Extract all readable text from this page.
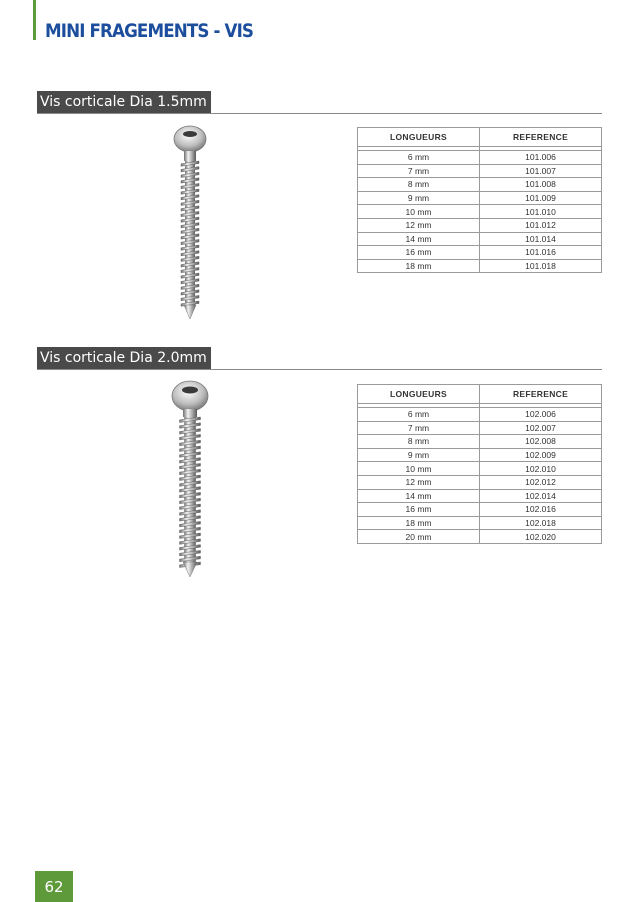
MINI FRAGEMENTS - VIS
Vis corticale Dia 1.5mm
LONGUEURS	REFERENCE

6 mm	101.006
7 mm	101.007
8 mm	101.008
9 mm	101.009
10 mm	101.010
12 mm	101.012
14 mm	101.014
16 mm	101.016
18 mm	101.018
Vis corticale Dia 2.0mm
LONGUEURS	REFERENCE

6 mm	102.006
7 mm	102.007
8 mm	102.008
9 mm	102.009
10 mm	102.010
12 mm	102.012
14 mm	102.014
16 mm	102.016
18 mm	102.018
20 mm	102.020
62
